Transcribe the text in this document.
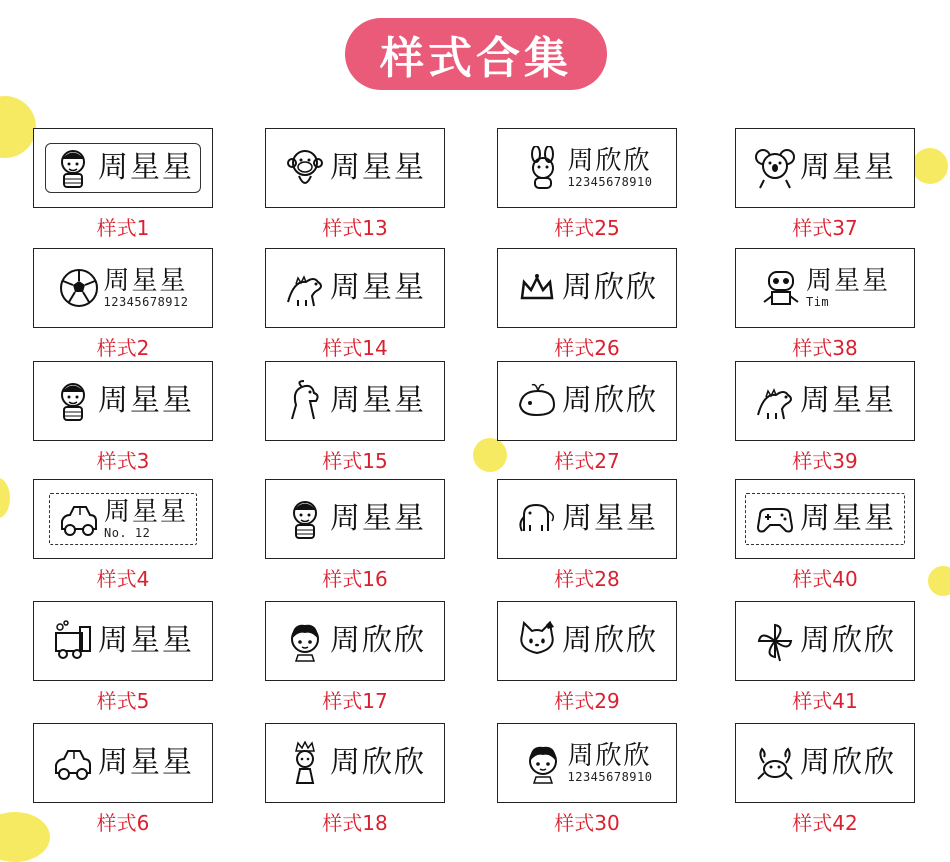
样式合集
周星星
样式1
周星星
样式13
周欣欣
12345678910
样式25
周星星
样式37
周星星
12345678912
样式2
周星星
样式14
周欣欣
样式26
周星星
Tim
样式38
周星星
样式3
周星星
样式15
周欣欣
样式27
周星星
样式39
周星星
No. 12
样式4
周星星
样式16
周星星
样式28
周星星
样式40
周星星
样式5
周欣欣
样式17
周欣欣
样式29
周欣欣
样式41
周星星
样式6
周欣欣
样式18
周欣欣
12345678910
样式30
周欣欣
样式42
